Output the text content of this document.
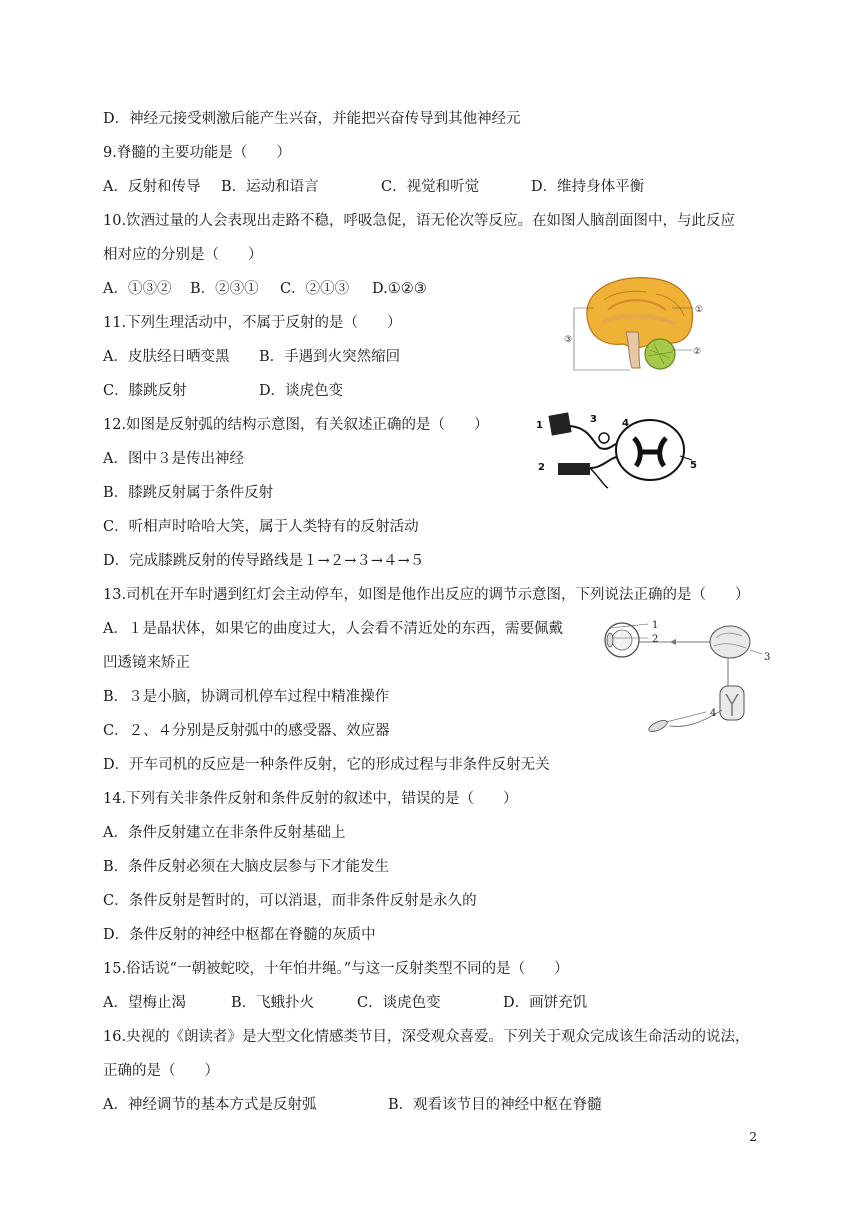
D．神经元接受刺激后能产生兴奋，并能把兴奋传导到其他神经元
9.脊髓的主要功能是（　　）
A．反射和传导 B．运动和语言	C．视觉和听觉	D．维持身体平衡
10.饮酒过量的人会表现出走路不稳，呼吸急促，语无伦次等反应。在如图人脑剖面图中，与此反应
相对应的分别是（　　）
A．①③② B．②③① C．②①③ D.①②③
11.下列生理活动中，不属于反射的是（　　）
A．皮肤经日晒变黑 B．手遇到火突然缩回
C．膝跳反射	D．谈虎色变
12.如图是反射弧的结构示意图，有关叙述正确的是（　　）
A．图中３是传出神经
B．膝跳反射属于条件反射
C．听相声时哈哈大笑，属于人类特有的反射活动
D．完成膝跳反射的传导路线是１→２→３→４→５
13.司机在开车时遇到红灯会主动停车，如图是他作出反应的调节示意图，下列说法正确的是（　　）
A．１是晶状体，如果它的曲度过大，人会看不清近处的东西，需要佩戴
凹透镜来矫正
B．３是小脑，协调司机停车过程中精准操作
C．２、４分别是反射弧中的感受器、效应器
D．开车司机的反应是一种条件反射，它的形成过程与非条件反射无关
14.下列有关非条件反射和条件反射的叙述中，错误的是（　　）
A．条件反射建立在非条件反射基础上
B．条件反射必须在大脑皮层参与下才能发生
C．条件反射是暂时的，可以消退，而非条件反射是永久的
D．条件反射的神经中枢都在脊髓的灰质中
15.俗话说“一朝被蛇咬，十年怕井绳。”与这一反射类型不同的是（　　）
A．望梅止渴	B．飞蛾扑火	C．谈虎色变	D．画饼充饥
16.央视的《朗读者》是大型文化情感类节目，深受观众喜爱。下列关于观众完成该生命活动的说法，
正确的是（　　）
A．神经调节的基本方式是反射弧	B．观看该节目的神经中枢在脊髓
2
①
②
③
1
2
3	4
5
1
2
3
4
